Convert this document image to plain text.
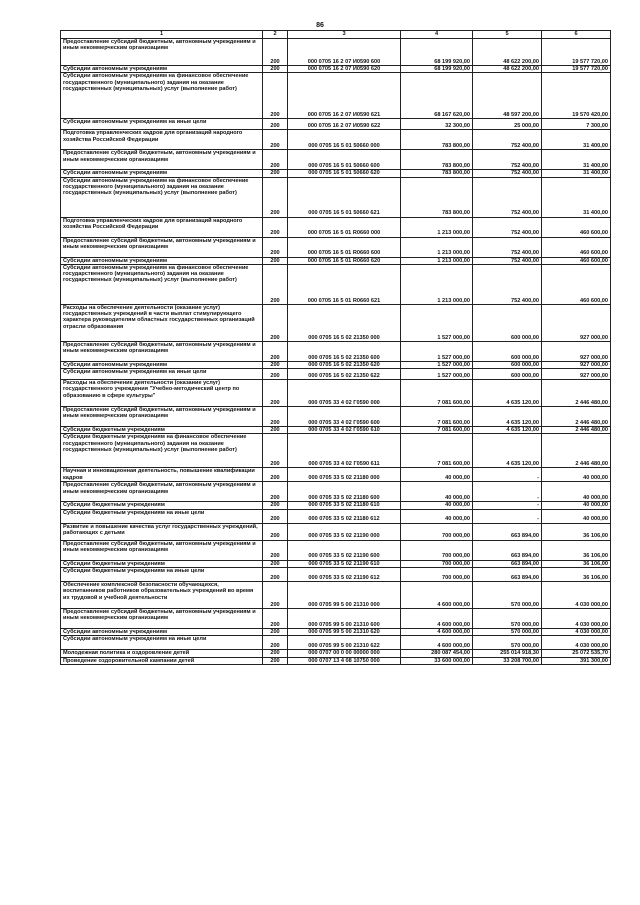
86
1	2	3	4	5	6
Предоставление субсидий бюджетным, автономным учреждениям и иным некоммерческим организациям	200	000 0705 16 2 07 И0590 600	68 199 920,00	48 622 200,00	19 577 720,00
Субсидии автономным учреждениям	200	000 0705 16 2 07 И0590 620	68 199 920,00	48 622 200,00	19 577 720,00
Субсидии автономным учреждениям на финансовое обеспечение государственного (муниципального) задания на оказание государственных (муниципальных) услуг (выполнение работ)	200	000 0705 16 2 07 И0590 621	68 167 620,00	48 597 200,00	19 570 420,00
Субсидии автономным учреждениям на иные цели	200	000 0705 16 2 07 И0590 622	32 300,00	25 000,00	7 300,00
Подготовка управленческих кадров для организаций народного хозяйства Российской Федерации	200	000 0705 16 5 01 50660 000	783 800,00	752 400,00	31 400,00
Предоставление субсидий бюджетным, автономным учреждениям и иным некоммерческим организациям	200	000 0705 16 5 01 50660 600	783 800,00	752 400,00	31 400,00
Субсидии автономным учреждениям	200	000 0705 16 5 01 50660 620	783 800,00	752 400,00	31 400,00
Субсидии автономным учреждениям на финансовое обеспечение государственного (муниципального) задания на оказание государственных (муниципальных) услуг (выполнение работ)	200	000 0705 16 5 01 50660 621	783 800,00	752 400,00	31 400,00
Подготовка управленческих кадров для организаций народного хозяйства Российской Федерации	200	000 0705 16 5 01 R0660 000	1 213 000,00	752 400,00	460 600,00
Предоставление субсидий бюджетным, автономным учреждениям и иным некоммерческим организациям	200	000 0705 16 5 01 R0660 600	1 213 000,00	752 400,00	460 600,00
Субсидии автономным учреждениям	200	000 0705 16 5 01 R0660 620	1 213 000,00	752 400,00	460 600,00
Субсидии автономным учреждениям на финансовое обеспечение государственного (муниципального) задания на оказание государственных (муниципальных) услуг (выполнение работ)	200	000 0705 16 5 01 R0660 621	1 213 000,00	752 400,00	460 600,00
Расходы на обеспечение деятельности (оказание услуг) государственных учреждений в части выплат стимулирующего характера руководителям областных государственных организаций отрасли образования	200	000 0705 16 5 02 21350 000	1 527 000,00	600 000,00	927 000,00
Предоставление субсидий бюджетным, автономным учреждениям и иным некоммерческим организациям	200	000 0705 16 5 02 21350 600	1 527 000,00	600 000,00	927 000,00
Субсидии автономным учреждениям	200	000 0705 16 5 02 21350 620	1 527 000,00	600 000,00	927 000,00
Субсидии автономным учреждениям на иные цели	200	000 0705 16 5 02 21350 622	1 527 000,00	600 000,00	927 000,00
Расходы на обеспечение деятельности (оказание услуг) государственного учреждения "Учебно-методический центр по образованию в сфере культуры"	200	000 0705 33 4 02 Г0590 000	7 081 600,00	4 635 120,00	2 446 480,00
Предоставление субсидий бюджетным, автономным учреждениям и иным некоммерческим организациям	200	000 0705 33 4 02 Г0590 600	7 081 600,00	4 635 120,00	2 446 480,00
Субсидии бюджетным учреждениям	200	000 0705 33 4 02 Г0590 610	7 081 600,00	4 635 120,00	2 446 480,00
Субсидии бюджетным учреждениям на финансовое обеспечение государственного (муниципального) задания на оказание государственных (муниципальных) услуг (выполнение работ)	200	000 0705 33 4 02 Г0590 611	7 081 600,00	4 635 120,00	2 446 480,00
Научная и инновационная деятельность, повышение квалификации кадров	200	000 0705 33 5 02 21180 000	40 000,00	-	40 000,00
Предоставление субсидий бюджетным, автономным учреждениям и иным некоммерческим организациям	200	000 0705 33 5 02 21180 600	40 000,00	-	40 000,00
Субсидии бюджетным учреждениям	200	000 0705 33 5 02 21180 610	40 000,00	-	40 000,00
Субсидии бюджетным учреждениям на иные цели	200	000 0705 33 5 02 21180 612	40 000,00	-	40 000,00
Развитие и повышение качества услуг государственных учреждений, работающих с детьми	200	000 0705 33 5 02 21190 000	700 000,00	663 894,00	36 106,00
Предоставление субсидий бюджетным, автономным учреждениям и иным некоммерческим организациям	200	000 0705 33 5 02 21190 600	700 000,00	663 894,00	36 106,00
Субсидии бюджетным учреждениям	200	000 0705 33 5 02 21190 610	700 000,00	663 894,00	36 106,00
Субсидии бюджетным учреждениям на иные цели	200	000 0705 33 5 02 21190 612	700 000,00	663 894,00	36 106,00
Обеспечение комплексной безопасности обучающихся, воспитанников работников образовательных учреждений во время их трудовой и учебной деятельности	200	000 0705 99 5 00 21310 000	4 600 000,00	570 000,00	4 030 000,00
Предоставление субсидий бюджетным, автономным учреждениям и иным некоммерческим организациям	200	000 0705 99 5 00 21310 600	4 600 000,00	570 000,00	4 030 000,00
Субсидии автономным учреждениям	200	000 0705 99 5 00 21310 620	4 600 000,00	570 000,00	4 030 000,00
Субсидии автономным учреждениям на иные цели	200	000 0705 99 5 00 21310 622	4 600 000,00	570 000,00	4 030 000,00
Молодежная политика и оздоровление детей	200	000 0707 00 0 00 00000 000	280 087 454,00	255 014 918,30	25 072 535,70
Проведение оздоровительной кампании детей	200	000 0707 13 4 08 10750 000	33 600 000,00	33 208 700,00	391 300,00
